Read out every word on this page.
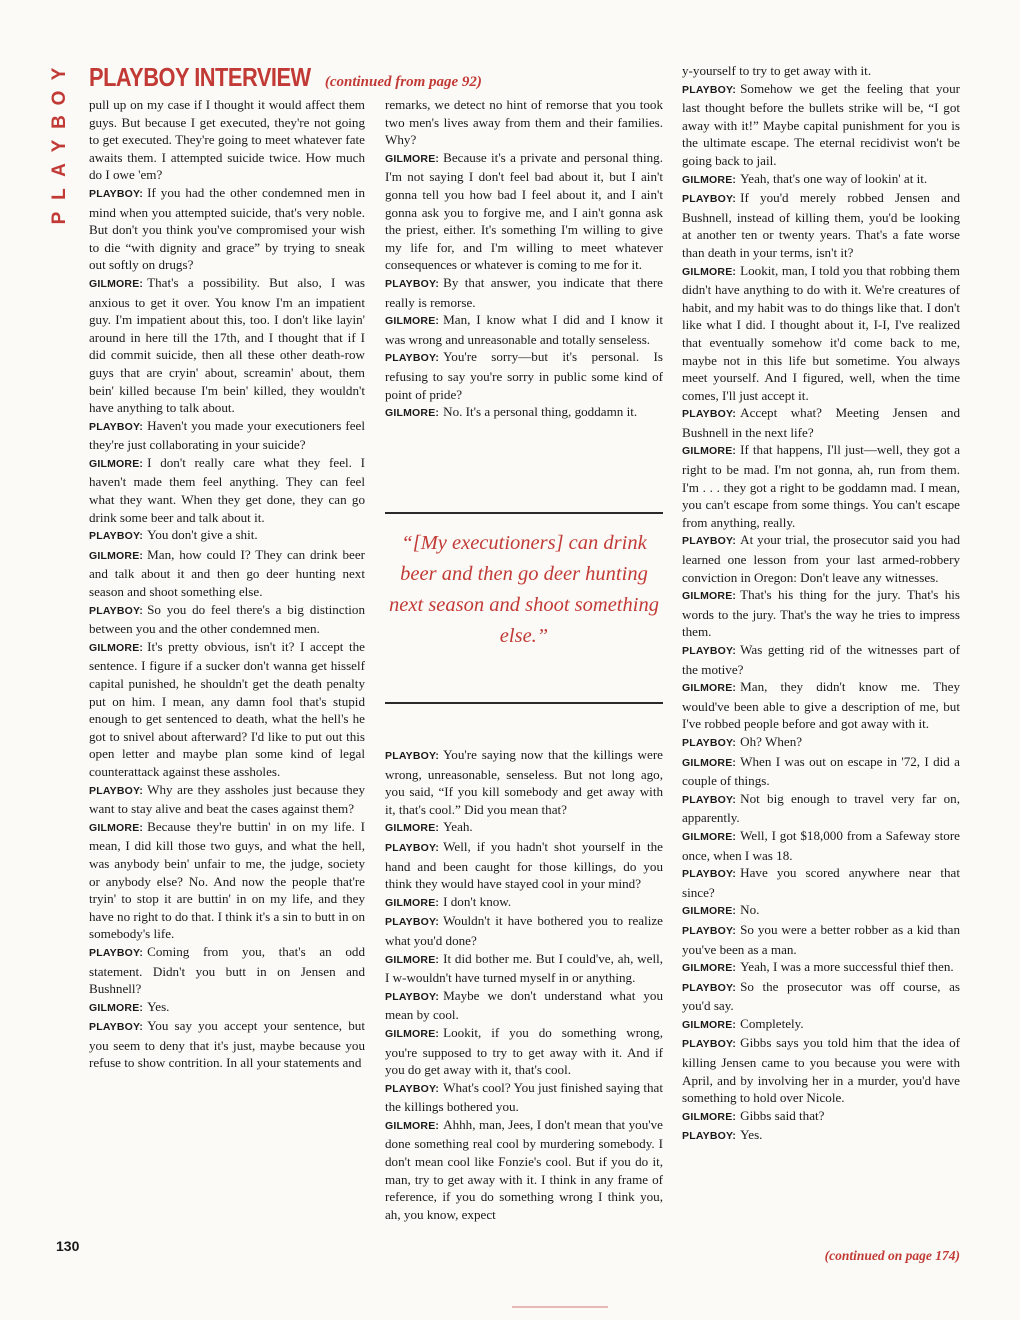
Y
O
B
Y
A
L
P
PLAYBOY INTERVIEW (continued from page 92)

pull up on my case if I thought it would affect them guys. But because I get executed, they're not going to get executed. They're going to meet whatever fate awaits them. I attempted suicide twice. How much do I owe 'em?

PLAYBOY: If you had the other condemned men in mind when you attempted suicide, that's very noble. But don't you think you've compromised your wish to die “with dignity and grace” by trying to sneak out softly on drugs?

GILMORE: That's a possibility. But also, I was anxious to get it over. You know I'm an impatient guy. I'm impatient about this, too. I don't like layin' around in here till the 17th, and I thought that if I did commit suicide, then all these other death-row guys that are cryin' about, screamin' about, them bein' killed because I'm bein' killed, they wouldn't have anything to talk about.

PLAYBOY: Haven't you made your executioners feel they're just collaborating in your suicide?

GILMORE: I don't really care what they feel. I haven't made them feel anything. They can feel what they want. When they get done, they can go drink some beer and talk about it.

PLAYBOY: You don't give a shit.

GILMORE: Man, how could I? They can drink beer and talk about it and then go deer hunting next season and shoot something else.

PLAYBOY: So you do feel there's a big distinction between you and the other condemned men.

GILMORE: It's pretty obvious, isn't it? I accept the sentence. I figure if a sucker don't wanna get hisself capital punished, he shouldn't get the death penalty put on him. I mean, any damn fool that's stupid enough to get sentenced to death, what the hell's he got to snivel about afterward? I'd like to put out this open letter and maybe plan some kind of legal counterattack against these assholes.

PLAYBOY: Why are they assholes just because they want to stay alive and beat the cases against them?

GILMORE: Because they're buttin' in on my life. I mean, I did kill those two guys, and what the hell, was anybody bein' unfair to me, the judge, society or anybody else? No. And now the people that're tryin' to stop it are buttin' in on my life, and they have no right to do that. I think it's a sin to butt in on somebody's life.

PLAYBOY: Coming from you, that's an odd statement. Didn't you butt in on Jensen and Bushnell?

GILMORE: Yes.

PLAYBOY: You say you accept your sentence, but you seem to deny that it's just, maybe because you refuse to show contrition. In all your statements and

remarks, we detect no hint of remorse that you took two men's lives away from them and their families. Why?

GILMORE: Because it's a private and personal thing. I'm not saying I don't feel bad about it, but I ain't gonna tell you how bad I feel about it, and I ain't gonna ask you to forgive me, and I ain't gonna ask the priest, either. It's something I'm willing to give my life for, and I'm willing to meet whatever consequences or whatever is coming to me for it.

PLAYBOY: By that answer, you indicate that there really is remorse.

GILMORE: Man, I know what I did and I know it was wrong and unreasonable and totally senseless.

PLAYBOY: You're sorry—but it's personal. Is refusing to say you're sorry in public some kind of point of pride?

GILMORE: No. It's a personal thing, goddamn it.

“[My executioners] can drink beer and then go deer hunting next season and shoot something else.”

PLAYBOY: You're saying now that the killings were wrong, unreasonable, senseless. But not long ago, you said, “If you kill somebody and get away with it, that's cool.” Did you mean that?

GILMORE: Yeah.

PLAYBOY: Well, if you hadn't shot yourself in the hand and been caught for those killings, do you think they would have stayed cool in your mind?

GILMORE: I don't know.

PLAYBOY: Wouldn't it have bothered you to realize what you'd done?

GILMORE: It did bother me. But I could've, ah, well, I w-wouldn't have turned myself in or anything.

PLAYBOY: Maybe we don't understand what you mean by cool.

GILMORE: Lookit, if you do something wrong, you're supposed to try to get away with it. And if you do get away with it, that's cool.

PLAYBOY: What's cool? You just finished saying that the killings bothered you.

GILMORE: Ahhh, man, Jees, I don't mean that you've done something real cool by murdering somebody. I don't mean cool like Fonzie's cool. But if you do it, man, try to get away with it. I think in any frame of reference, if you do something wrong I think you, ah, you know, expect

y-yourself to try to get away with it.

PLAYBOY: Somehow we get the feeling that your last thought before the bullets strike will be, “I got away with it!” Maybe capital punishment for you is the ultimate escape. The eternal recidivist won't be going back to jail.

GILMORE: Yeah, that's one way of lookin' at it.

PLAYBOY: If you'd merely robbed Jensen and Bushnell, instead of killing them, you'd be looking at another ten or twenty years. That's a fate worse than death in your terms, isn't it?

GILMORE: Lookit, man, I told you that robbing them didn't have anything to do with it. We're creatures of habit, and my habit was to do things like that. I don't like what I did. I thought about it, I-I, I've realized that eventually somehow it'd come back to me, maybe not in this life but sometime. You always meet yourself. And I figured, well, when the time comes, I'll just accept it.

PLAYBOY: Accept what? Meeting Jensen and Bushnell in the next life?

GILMORE: If that happens, I'll just—well, they got a right to be mad. I'm not gonna, ah, run from them. I'm . . . they got a right to be goddamn mad. I mean, you can't escape from some things. You can't escape from anything, really.

PLAYBOY: At your trial, the prosecutor said you had learned one lesson from your last armed-robbery conviction in Oregon: Don't leave any witnesses.

GILMORE: That's his thing for the jury. That's his words to the jury. That's the way he tries to impress them.

PLAYBOY: Was getting rid of the witnesses part of the motive?

GILMORE: Man, they didn't know me. They would've been able to give a description of me, but I've robbed people before and got away with it.

PLAYBOY: Oh? When?

GILMORE: When I was out on escape in '72, I did a couple of things.

PLAYBOY: Not big enough to travel very far on, apparently.

GILMORE: Well, I got $18,000 from a Safeway store once, when I was 18.

PLAYBOY: Have you scored anywhere near that since?

GILMORE: No.

PLAYBOY: So you were a better robber as a kid than you've been as a man.

GILMORE: Yeah, I was a more successful thief then.

PLAYBOY: So the prosecutor was off course, as you'd say.

GILMORE: Completely.

PLAYBOY: Gibbs says you told him that the idea of killing Jensen came to you because you were with April, and by involving her in a murder, you'd have something to hold over Nicole.

GILMORE: Gibbs said that?

PLAYBOY: Yes.

130
(continued on page 174)
